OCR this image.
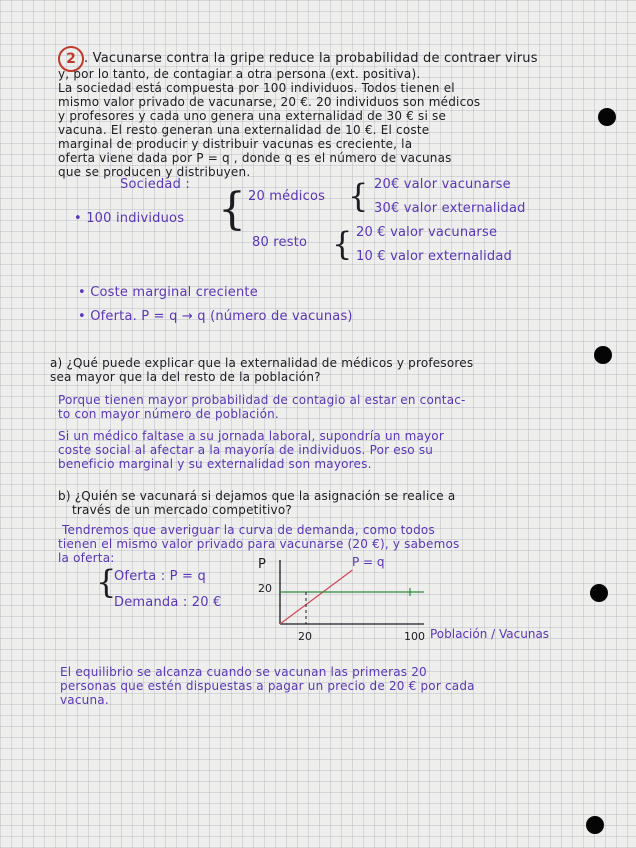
2 . Vacunarse contra la gripe reduce la probabilidad de contraer virus
y, por lo tanto, de contagiar a otra persona (ext. positiva).
La sociedad está compuesta por 100 individuos. Todos tienen el
mismo valor privado de vacunarse, 20 €. 20 individuos son médicos
y profesores y cada uno genera una externalidad de 30 € si se
vacuna. El resto generan una externalidad de 10 €. El coste
marginal de producir y distribuir vacunas es creciente, la
oferta viene dada por P = q , donde q es el número de vacunas
que se producen y distribuyen.
Sociedad :
• 100 individuos { 20 médicos { 20€ valor vacunarse
30€ valor externalidad
80 resto { 20 € valor vacunarse
10 € valor externalidad
• Coste marginal creciente
• Oferta. P = q → q (número de vacunas)
a) ¿Qué puede explicar que la externalidad de médicos y profesores
sea mayor que la del resto de la población?
Porque tienen mayor probabilidad de contagio al estar en contac-
to con mayor número de población.
Si un médico faltase a su jornada laboral, supondría un mayor
coste social al afectar a la mayoría de individuos. Por eso su
beneficio marginal y su externalidad son mayores.
b) ¿Quién se vacunará si dejamos que la asignación se realice a
través de un mercado competitivo?
Tendremos que averiguar la curva de demanda, como todos
tienen el mismo valor privado para vacunarse (20 €), y sabemos
la oferta:
{
Oferta : P = q
Demanda : 20 €
P
Población / Vacunas
20
20	100
P = q
El equilibrio se alcanza cuando se vacunan las primeras 20
personas que estén dispuestas a pagar un precio de 20 € por cada
vacuna.
